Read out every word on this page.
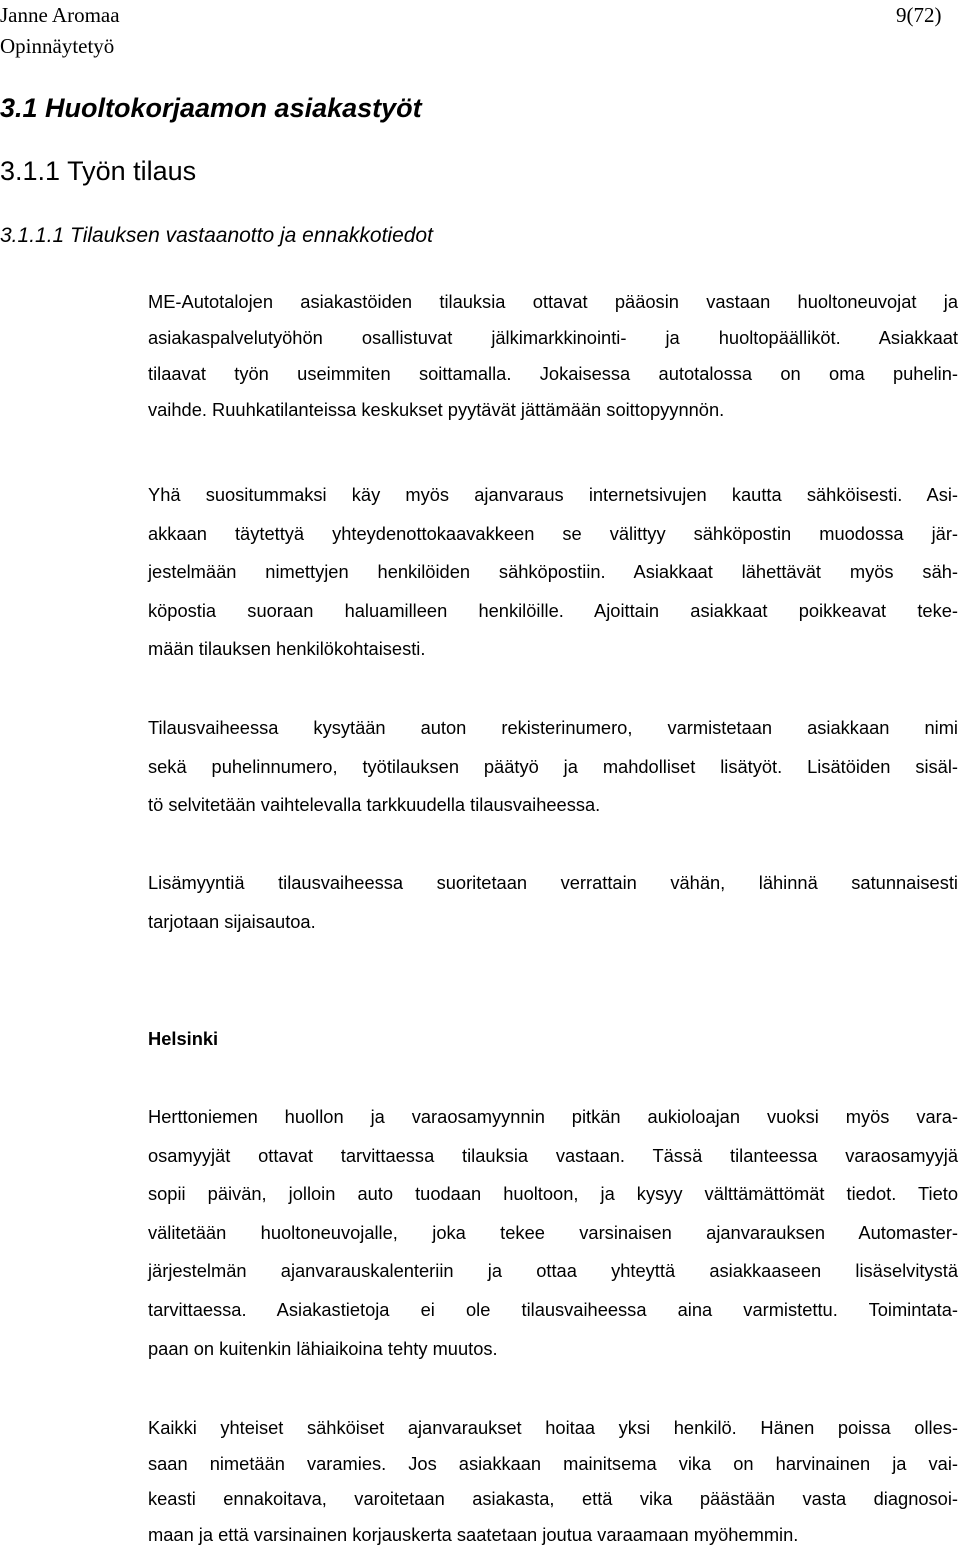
Janne Aromaa
Opinnäytetyö
9(72)
3.1 Huoltokorjaamon asiakastyöt
3.1.1 Työn tilaus
3.1.1.1 Tilauksen vastaanotto ja ennakkotiedot
ME-Autotalojen asiakastöiden tilauksia ottavat pääosin vastaan huoltoneuvojat ja
asiakaspalvelutyöhön osallistuvat jälkimarkkinointi- ja huoltopäälliköt. Asiakkaat
tilaavat työn useimmiten soittamalla. Jokaisessa autotalossa on oma puhelin-
vaihde. Ruuhkatilanteissa keskukset pyytävät jättämään soittopyynnön.
Yhä suositummaksi käy myös ajanvaraus internetsivujen kautta sähköisesti. Asi-
akkaan täytettyä yhteydenottokaavakkeen se välittyy sähköpostin muodossa jär-
jestelmään nimettyjen henkilöiden sähköpostiin. Asiakkaat lähettävät myös säh-
köpostia suoraan haluamilleen henkilöille. Ajoittain asiakkaat poikkeavat teke-
mään tilauksen henkilökohtaisesti.
Tilausvaiheessa kysytään auton rekisterinumero, varmistetaan asiakkaan nimi
sekä puhelinnumero, työtilauksen päätyö ja mahdolliset lisätyöt. Lisätöiden sisäl-
tö selvitetään vaihtelevalla tarkkuudella tilausvaiheessa.
Lisämyyntiä tilausvaiheessa suoritetaan verrattain vähän, lähinnä satunnaisesti
tarjotaan sijaisautoa.
Helsinki
Herttoniemen huollon ja varaosamyynnin pitkän aukioloajan vuoksi myös vara-
osamyyjät ottavat tarvittaessa tilauksia vastaan. Tässä tilanteessa varaosamyyjä
sopii päivän, jolloin auto tuodaan huoltoon, ja kysyy välttämättömät tiedot. Tieto
välitetään huoltoneuvojalle, joka tekee varsinaisen ajanvarauksen Automaster-
järjestelmän ajanvarauskalenteriin ja ottaa yhteyttä asiakkaaseen lisäselvitystä
tarvittaessa. Asiakastietoja ei ole tilausvaiheessa aina varmistettu. Toimintata-
paan on kuitenkin lähiaikoina tehty muutos.
Kaikki yhteiset sähköiset ajanvaraukset hoitaa yksi henkilö. Hänen poissa olles-
saan nimetään varamies. Jos asiakkaan mainitsema vika on harvinainen ja vai-
keasti ennakoitava, varoitetaan asiakasta, että vika päästään vasta diagnosoi-
maan ja että varsinainen korjauskerta saatetaan joutua varaamaan myöhemmin.
